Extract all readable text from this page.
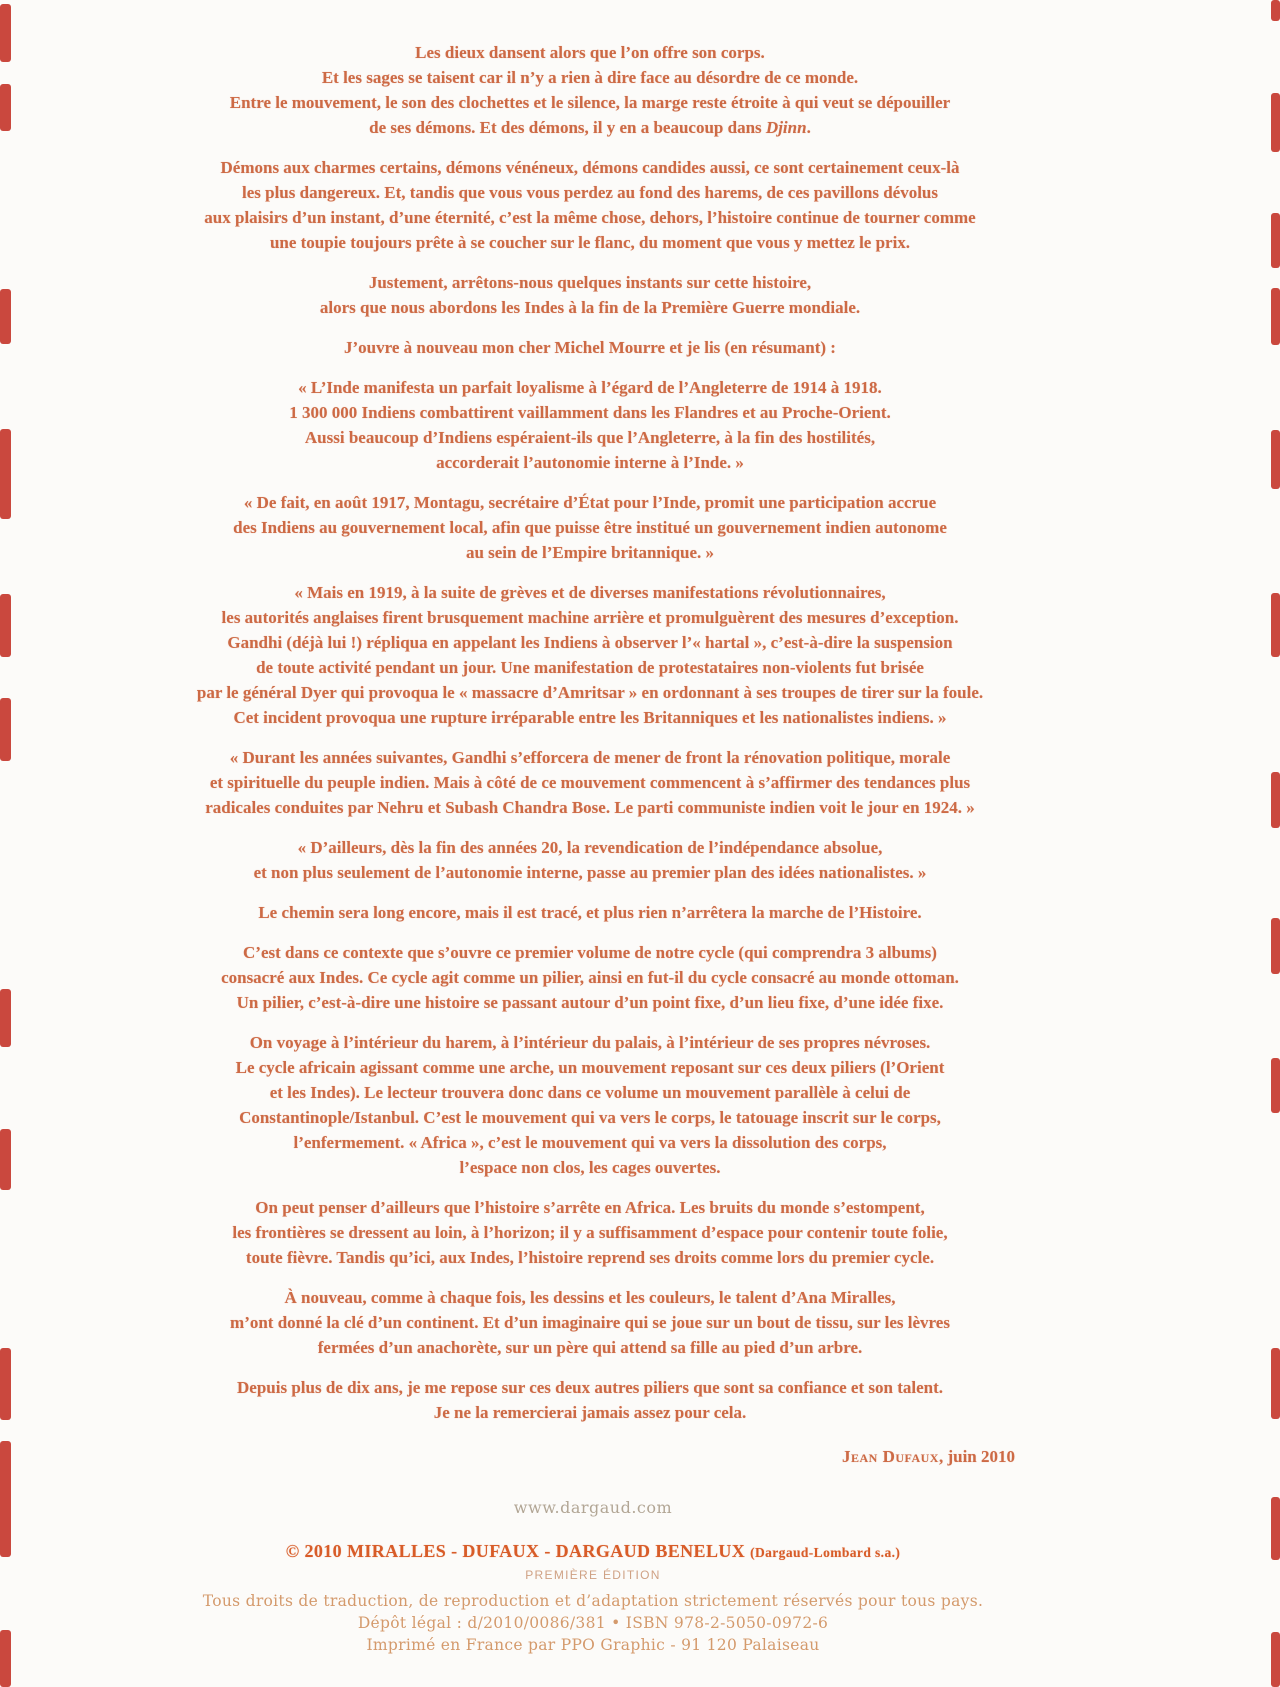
Les dieux dansent alors que l’on offre son corps.
Et les sages se taisent car il n’y a rien à dire face au désordre de ce monde.
Entre le mouvement, le son des clochettes et le silence, la marge reste étroite à qui veut se dépouiller
de ses démons. Et des démons, il y en a beaucoup dans Djinn.

Démons aux charmes certains, démons vénéneux, démons candides aussi, ce sont certainement ceux-là
les plus dangereux. Et, tandis que vous vous perdez au fond des harems, de ces pavillons dévolus
aux plaisirs d’un instant, d’une éternité, c’est la même chose, dehors, l’histoire continue de tourner comme
une toupie toujours prête à se coucher sur le flanc, du moment que vous y mettez le prix.

Justement, arrêtons-nous quelques instants sur cette histoire,
alors que nous abordons les Indes à la fin de la Première Guerre mondiale.

J’ouvre à nouveau mon cher Michel Mourre et je lis (en résumant) :

« L’Inde manifesta un parfait loyalisme à l’égard de l’Angleterre de 1914 à 1918.
1 300 000 Indiens combattirent vaillamment dans les Flandres et au Proche-Orient.
Aussi beaucoup d’Indiens espéraient-ils que l’Angleterre, à la fin des hostilités,
accorderait l’autonomie interne à l’Inde. »

« De fait, en août 1917, Montagu, secrétaire d’État pour l’Inde, promit une participation accrue
des Indiens au gouvernement local, afin que puisse être institué un gouvernement indien autonome
au sein de l’Empire britannique. »

« Mais en 1919, à la suite de grèves et de diverses manifestations révolutionnaires,
les autorités anglaises firent brusquement machine arrière et promulguèrent des mesures d’exception.
Gandhi (déjà lui !) répliqua en appelant les Indiens à observer l’« hartal », c’est-à-dire la suspension
de toute activité pendant un jour. Une manifestation de protestataires non-violents fut brisée
par le général Dyer qui provoqua le « massacre d’Amritsar » en ordonnant à ses troupes de tirer sur la foule.
Cet incident provoqua une rupture irréparable entre les Britanniques et les nationalistes indiens. »

« Durant les années suivantes, Gandhi s’efforcera de mener de front la rénovation politique, morale
et spirituelle du peuple indien. Mais à côté de ce mouvement commencent à s’affirmer des tendances plus
radicales conduites par Nehru et Subash Chandra Bose. Le parti communiste indien voit le jour en 1924. »

« D’ailleurs, dès la fin des années 20, la revendication de l’indépendance absolue,
et non plus seulement de l’autonomie interne, passe au premier plan des idées nationalistes. »

Le chemin sera long encore, mais il est tracé, et plus rien n’arrêtera la marche de l’Histoire.

C’est dans ce contexte que s’ouvre ce premier volume de notre cycle (qui comprendra 3 albums)
consacré aux Indes. Ce cycle agit comme un pilier, ainsi en fut-il du cycle consacré au monde ottoman.
Un pilier, c’est-à-dire une histoire se passant autour d’un point fixe, d’un lieu fixe, d’une idée fixe.

On voyage à l’intérieur du harem, à l’intérieur du palais, à l’intérieur de ses propres névroses.
Le cycle africain agissant comme une arche, un mouvement reposant sur ces deux piliers (l’Orient
et les Indes). Le lecteur trouvera donc dans ce volume un mouvement parallèle à celui de
Constantinople/Istanbul. C’est le mouvement qui va vers le corps, le tatouage inscrit sur le corps,
l’enfermement. « Africa », c’est le mouvement qui va vers la dissolution des corps,
l’espace non clos, les cages ouvertes.

On peut penser d’ailleurs que l’histoire s’arrête en Africa. Les bruits du monde s’estompent,
les frontières se dressent au loin, à l’horizon; il y a suffisamment d’espace pour contenir toute folie,
toute fièvre. Tandis qu’ici, aux Indes, l’histoire reprend ses droits comme lors du premier cycle.

À nouveau, comme à chaque fois, les dessins et les couleurs, le talent d’Ana Miralles,
m’ont donné la clé d’un continent. Et d’un imaginaire qui se joue sur un bout de tissu, sur les lèvres
fermées d’un anachorète, sur un père qui attend sa fille au pied d’un arbre.

Depuis plus de dix ans, je me repose sur ces deux autres piliers que sont sa confiance et son talent.
Je ne la remercierai jamais assez pour cela.

Jean Dufaux, juin 2010
www.dargaud.com
© 2010 MIRALLES - DUFAUX - DARGAUD BENELUX (Dargaud-Lombard s.a.)
PREMIÈRE ÉDITION
Tous droits de traduction, de reproduction et d’adaptation strictement réservés pour tous pays.
Dépôt légal : d/2010/0086/381 • ISBN 978-2-5050-0972-6
Imprimé en France par PPO Graphic - 91 120 Palaiseau
